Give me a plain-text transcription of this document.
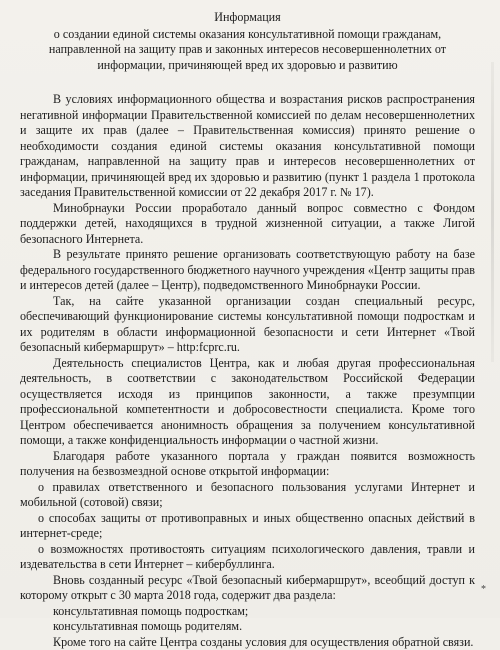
Информация
о создании единой системы оказания консультативной помощи гражданам,
направленной на защиту прав и законных интересов несовершеннолетних от
информации, причиняющей вред их здоровью и развитию

В условиях информационного общества и возрастания рисков распространения негативной информации Правительственной комиссией по делам несовершеннолетних и защите их прав (далее – Правительственная комиссия) принято решение о необходимости создания единой системы оказания консультативной помощи гражданам, направленной на защиту прав и интересов несовершеннолетних от информации, причиняющей вред их здоровью и развитию (пункт 1 раздела 1 протокола заседания Правительственной комиссии от 22 декабря 2017 г. № 17).

Минобрнауки России проработало данный вопрос совместно с Фондом поддержки детей, находящихся в трудной жизненной ситуации, а также Лигой безопасного Интернета.

В результате принято решение организовать соответствующую работу на базе федерального государственного бюджетного научного учреждения «Центр защиты прав и интересов детей (далее – Центр), подведомственного Минобрнауки России.

Так, на сайте указанной организации создан специальный ресурс, обеспечивающий функционирование системы консультативной помощи подросткам и их родителям в области информационной безопасности и сети Интернет «Твой безопасный кибермаршрут» – http:fcprc.ru.

Деятельность специалистов Центра, как и любая другая профессиональная деятельность, в соответствии с законодательством Российской Федерации осуществляется исходя из принципов законности, а также презумпции профессиональной компетентности и добросовестности специалиста. Кроме того Центром обеспечивается анонимность обращения за получением консультативной помощи, а также конфиденциальность информации о частной жизни.

Благодаря работе указанного портала у граждан появится возможность получения на безвозмездной основе открытой информации:

о правилах ответственного и безопасного пользования услугами Интернет и мобильной (сотовой) связи;

о способах защиты от противоправных и иных общественно опасных действий в интернет-среде;

о возможностях противостоять ситуациям психологического давления, травли и издевательства в сети Интернет – кибербуллинга.

Вновь созданный ресурс «Твой безопасный кибермаршрут», всеобщий доступ к которому открыт с 30 марта 2018 года, содержит два раздела:

консультативная помощь подросткам;

консультативная помощь родителям.

Кроме того на сайте Центра созданы условия для осуществления обратной связи.

*
